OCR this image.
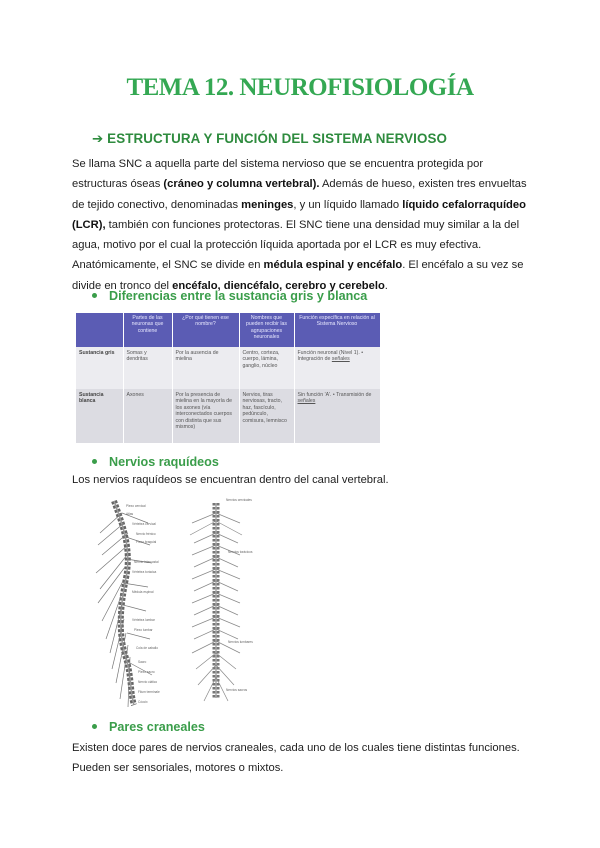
TEMA 12. NEUROFISIOLOGÍA
➔ ESTRUCTURA Y FUNCIÓN DEL SISTEMA NERVIOSO
Se llama SNC a aquella parte del sistema nervioso que se encuentra protegida por estructuras óseas (cráneo y columna vertebral). Además de hueso, existen tres envueltas de tejido conectivo, denominadas meninges, y un líquido llamado líquido cefalorraquídeo (LCR), también con funciones protectoras. El SNC tiene una densidad muy similar a la del agua, motivo por el cual la protección líquida aportada por el LCR es muy efectiva. Anatómicamente, el SNC se divide en médula espinal y encéfalo. El encéfalo a su vez se divide en tronco del encéfalo, diencéfalo, cerebro y cerebelo.
Diferencias entre la sustancia gris y blanca
	Partes de las neuronas que contiene	¿Por qué tienen ese nombre?	Nombres que pueden recibir las agrupaciones neuronales	Función específica en relación al Sistema Nervioso
Sustancia gris	Somas y dendritas	Por la ausencia de mielina	Centro, corteza, cuerpo, lámina, ganglio, núcleo	Función neuronal (Nivel 1). • Integración de señales
Sustancia blanca	Axones	Por la presencia de mielina en la mayoría de los axones (vía interconectados cuerpos con distinta que sus mismos)	Nervios, tiras nerviosas, tracto, haz, fascículo, pedúnculo, comisura, lemnisco	Sin función 'A'. • Transmisión de señales
Nervios raquídeos
Los nervios raquídeos se encuentran dentro del canal vertebral.
Plexo cervical
Atlas
Vértebra cervical
Nervio frénico
Plexo braquial
Nervio intercostal
Vértebra torácica
Médula espinal
Vértebra lumbar
Plexo lumbar
Cola de caballo
Sacro
Plexo sacro
Nervio ciático
Filum terminale
Cóccix
Nervios cervicales
Nervios torácicos
Nervios lumbares
Nervios sacros
Pares craneales
Existen doce pares de nervios craneales, cada uno de los cuales tiene distintas funciones. Pueden ser sensoriales, motores o mixtos.
